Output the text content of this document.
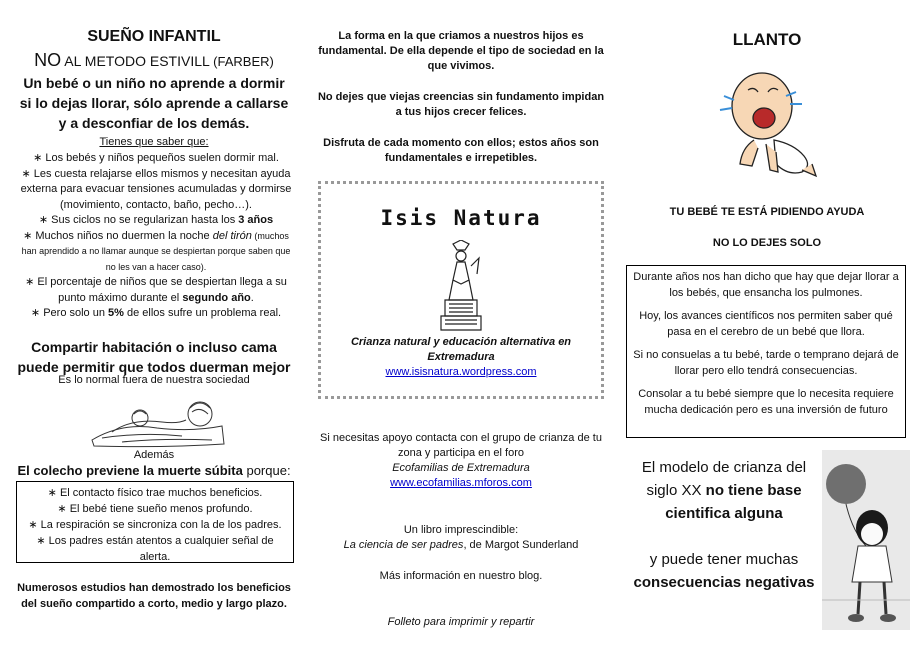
SUEÑO INFANTIL
NO AL METODO ESTIVILL (FARBER)
Un bebé o un niño no aprende a dormir si lo dejas llorar, sólo aprende a callarse y a desconfiar de los demás.
Tienes que saber que:
∗ Los bebés y niños pequeños suelen dormir mal.
∗ Les cuesta relajarse ellos mismos y necesitan ayuda externa para evacuar tensiones acumuladas y dormirse (movimiento, contacto, baño, pecho…).
∗ Sus ciclos no se regularizan hasta los 3 años
∗ Muchos niños no duermen la noche del tirón (muchos han aprendido a no llamar aunque se despiertan porque saben que no les van a hacer caso).
∗ El porcentaje de niños que se despiertan llega a su punto máximo durante el segundo año.
∗ Pero solo un 5% de ellos sufre un problema real.
Compartir habitación o incluso cama puede permitir que todos duerman mejor
Es lo normal fuera de nuestra sociedad
Además
El colecho previene la muerte súbita porque:
∗ El contacto físico trae muchos beneficios.
∗ El bebé tiene sueño menos profundo.
∗ La respiración se sincroniza con la de los padres.
∗ Los padres están atentos a cualquier señal de alerta.
Numerosos estudios han demostrado los beneficios del sueño compartido a corto, medio y largo plazo.
La forma en la que criamos a nuestros hijos es fundamental. De ella depende el tipo de sociedad en la que vivimos.
No dejes que viejas creencias sin fundamento impidan a tus hijos crecer felices.
Disfruta de cada momento con ellos; estos años son fundamentales e irrepetibles.
Isis Natura
Crianza natural y educación alternativa en Extremadura
www.isisnatura.wordpress.com
Si necesitas apoyo contacta con el grupo de crianza de tu zona y participa en el foro
Ecofamilias de Extremadura
www.ecofamilias.mforos.com
Un libro imprescindible:
La ciencia de ser padres, de Margot Sunderland
Más información en nuestro blog.
Folleto para imprimir y repartir
LLANTO
TU BEBÉ TE ESTÁ PIDIENDO AYUDA
NO LO DEJES SOLO

Durante años nos han dicho que hay que dejar llorar a los bebés, que ensancha los pulmones.

Hoy, los avances científicos nos permiten saber qué pasa en el cerebro de un bebé que llora.

Si no consuelas a tu bebé, tarde o temprano dejará de llorar pero ello tendrá consecuencias.

Consolar a tu bebé siempre que lo necesita requiere mucha dedicación pero es una inversión de futuro

El modelo de crianza del siglo XX no tiene base cientifica alguna
y puede tener muchas consecuencias negativas
